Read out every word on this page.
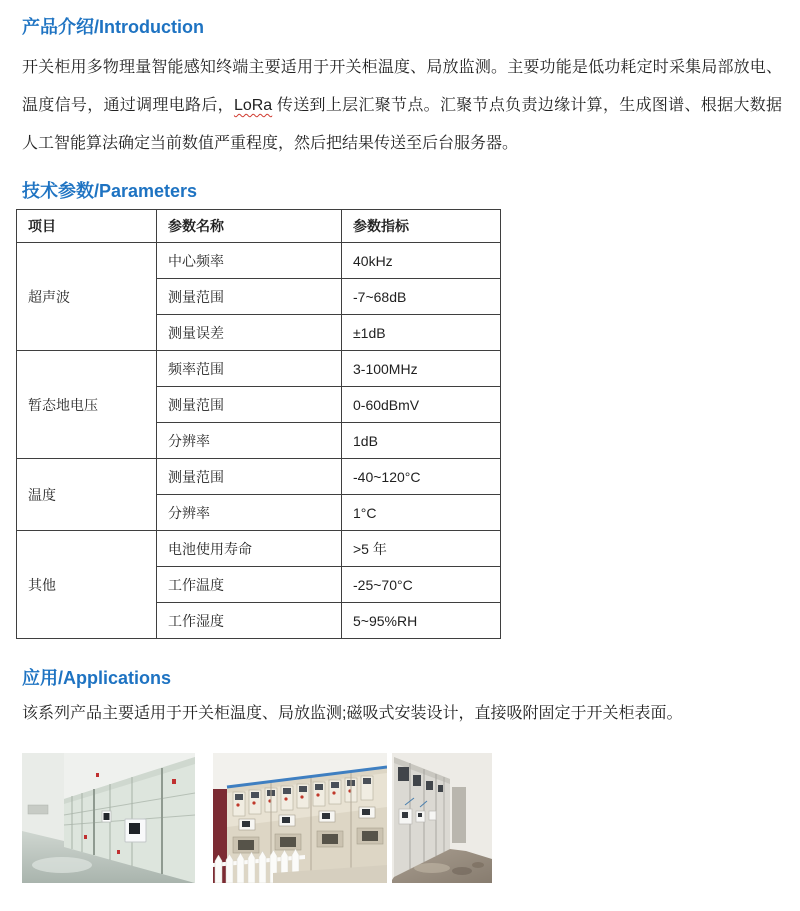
产品介绍/Introduction

开关柜用多物理量智能感知终端主要适用于开关柜温度、局放监测。主要功能是低功耗定时采集局部放电、温度信号，通过调理电路后，LoRa 传送到上层汇聚节点。汇聚节点负责边缘计算，生成图谱、根据大数据人工智能算法确定当前数值严重程度，然后把结果传送至后台服务器。

技术参数/Parameters
项目	参数名称	参数指标
超声波	中心频率	40kHz
	测量范围	-7~68dB
	测量误差	±1dB
暂态地电压	频率范围	3-100MHz
	测量范围	0-60dBmV
	分辨率	1dB
温度	测量范围	-40~120°C
	分辨率	1°C
其他	电池使用寿命	>5 年
	工作温度	-25~70°C
	工作湿度	5~95%RH
应用/Applications

该系列产品主要适用于开关柜温度、局放监测;磁吸式安装设计，直接吸附固定于开关柜表面。
